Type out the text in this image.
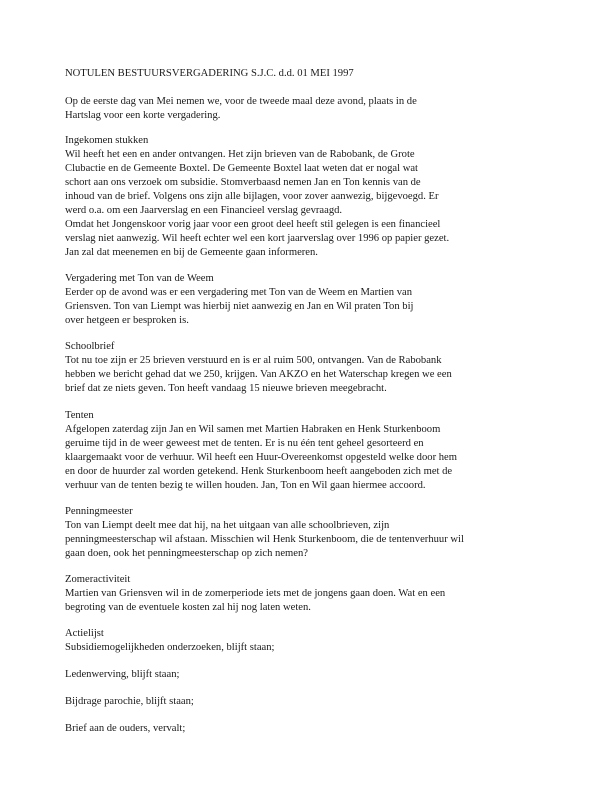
NOTULEN BESTUURSVERGADERING S.J.C. d.d. 01 MEI 1997
Op de eerste dag van Mei nemen we, voor de tweede maal deze avond, plaats in de
Hartslag voor een korte vergadering.
Ingekomen stukken
Wil heeft het een en ander ontvangen. Het zijn brieven van de Rabobank, de Grote
Clubactie en de Gemeente Boxtel. De Gemeente Boxtel laat weten dat er nogal wat
schort aan ons verzoek om subsidie. Stomverbaasd nemen Jan en Ton kennis van de
inhoud van de brief. Volgens ons zijn alle bijlagen, voor zover aanwezig, bijgevoegd. Er
werd o.a. om een Jaarverslag en een Financieel verslag gevraagd.
Omdat het Jongenskoor vorig jaar voor een groot deel heeft stil gelegen is een financieel
verslag niet aanwezig. Wil heeft echter wel een kort jaarverslag over 1996 op papier gezet.
Jan zal dat meenemen en bij de Gemeente gaan informeren.
Vergadering met Ton van de Weem
Eerder op de avond was er een vergadering met Ton van de Weem en Martien van
Griensven. Ton van Liempt was hierbij niet aanwezig en Jan en Wil praten Ton bij
over hetgeen er besproken is.
Schoolbrief
Tot nu toe zijn er 25 brieven verstuurd en is er al ruim 500, ontvangen. Van de Rabobank
hebben we bericht gehad dat we 250, krijgen. Van AKZO en het Waterschap kregen we een
brief dat ze niets geven. Ton heeft vandaag 15 nieuwe brieven meegebracht.
Tenten
Afgelopen zaterdag zijn Jan en Wil samen met Martien Habraken en Henk Sturkenboom
geruime tijd in de weer geweest met de tenten. Er is nu één tent geheel gesorteerd en
klaargemaakt voor de verhuur. Wil heeft een Huur-Overeenkomst opgesteld welke door hem
en door de huurder zal worden getekend. Henk Sturkenboom heeft aangeboden zich met de
verhuur van de tenten bezig te willen houden. Jan, Ton en Wil gaan hiermee accoord.
Penningmeester
Ton van Liempt deelt mee dat hij, na het uitgaan van alle schoolbrieven, zijn
penningmeesterschap wil afstaan. Misschien wil Henk Sturkenboom, die de tentenverhuur wil
gaan doen, ook het penningmeesterschap op zich nemen?
Zomeractiviteit
Martien van Griensven wil in de zomerperiode iets met de jongens gaan doen. Wat en een
begroting van de eventuele kosten zal hij nog laten weten.
Actielijst
Subsidiemogelijkheden onderzoeken, blijft staan;
Ledenwerving, blijft staan;
Bijdrage parochie, blijft staan;
Brief aan de ouders, vervalt;
